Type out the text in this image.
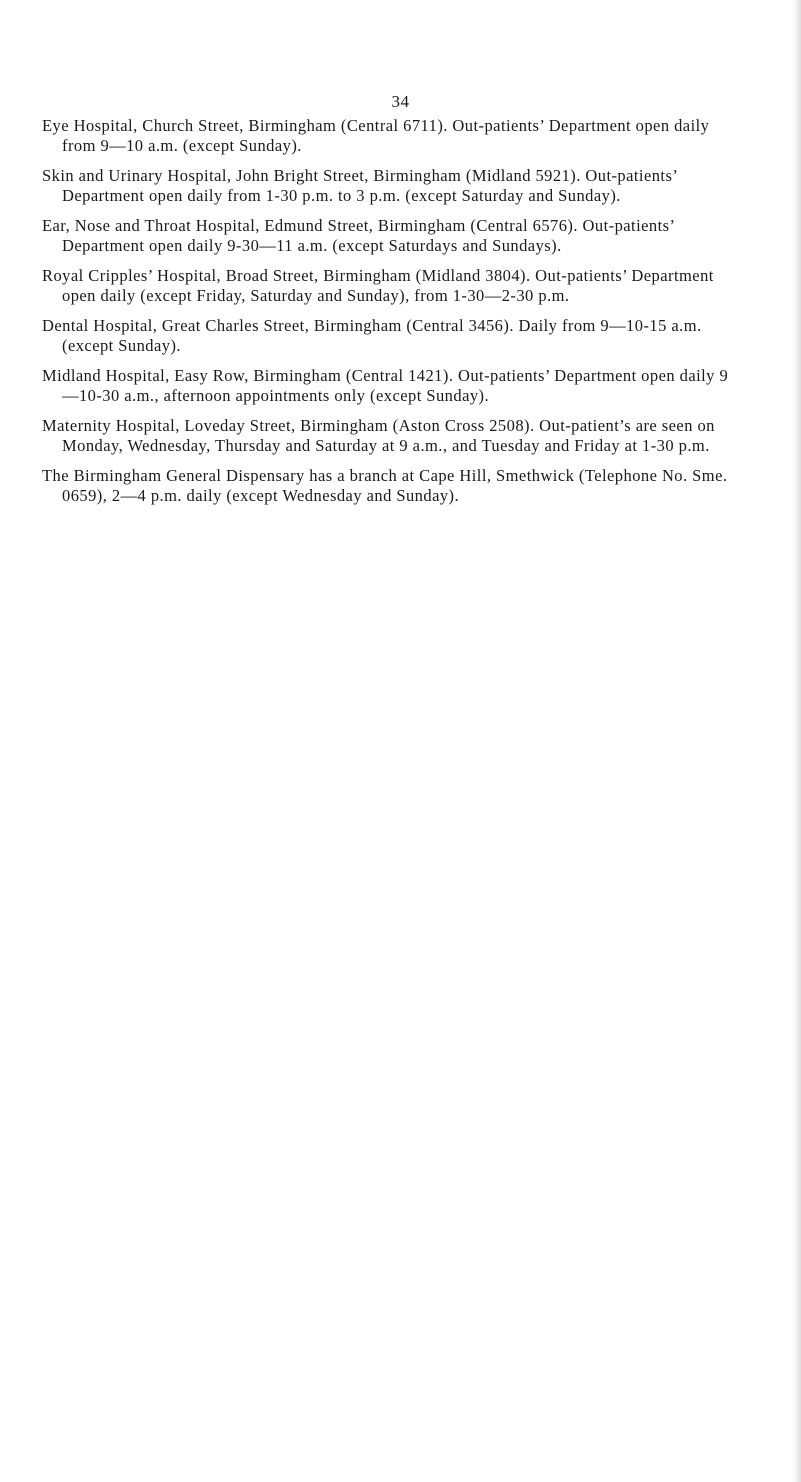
34

Eye Hospital, Church Street, Birmingham (Central 6711). Out-patients’ Department open daily from 9—10 a.m. (except Sunday).

Skin and Urinary Hospital, John Bright Street, Birmingham (Midland 5921). Out-patients’ Department open daily from 1-30 p.m. to 3 p.m. (except Saturday and Sunday).

Ear, Nose and Throat Hospital, Edmund Street, Birmingham (Central 6576). Out-patients’ Department open daily 9-30—11 a.m. (except Saturdays and Sundays).

Royal Cripples’ Hospital, Broad Street, Birmingham (Midland 3804). Out-patients’ Department open daily (except Friday, Saturday and Sunday), from 1-30—2-30 p.m.

Dental Hospital, Great Charles Street, Birmingham (Central 3456). Daily from 9—10-15 a.m. (except Sunday).

Midland Hospital, Easy Row, Birmingham (Central 1421). Out-patients’ Department open daily 9—10-30 a.m., afternoon appointments only (except Sunday).

Maternity Hospital, Loveday Street, Birmingham (Aston Cross 2508). Out-patient’s are seen on Monday, Wednesday, Thursday and Saturday at 9 a.m., and Tuesday and Friday at 1-30 p.m.

The Birmingham General Dispensary has a branch at Cape Hill, Smethwick (Telephone No. Sme. 0659), 2—4 p.m. daily (except Wednesday and Sunday).
